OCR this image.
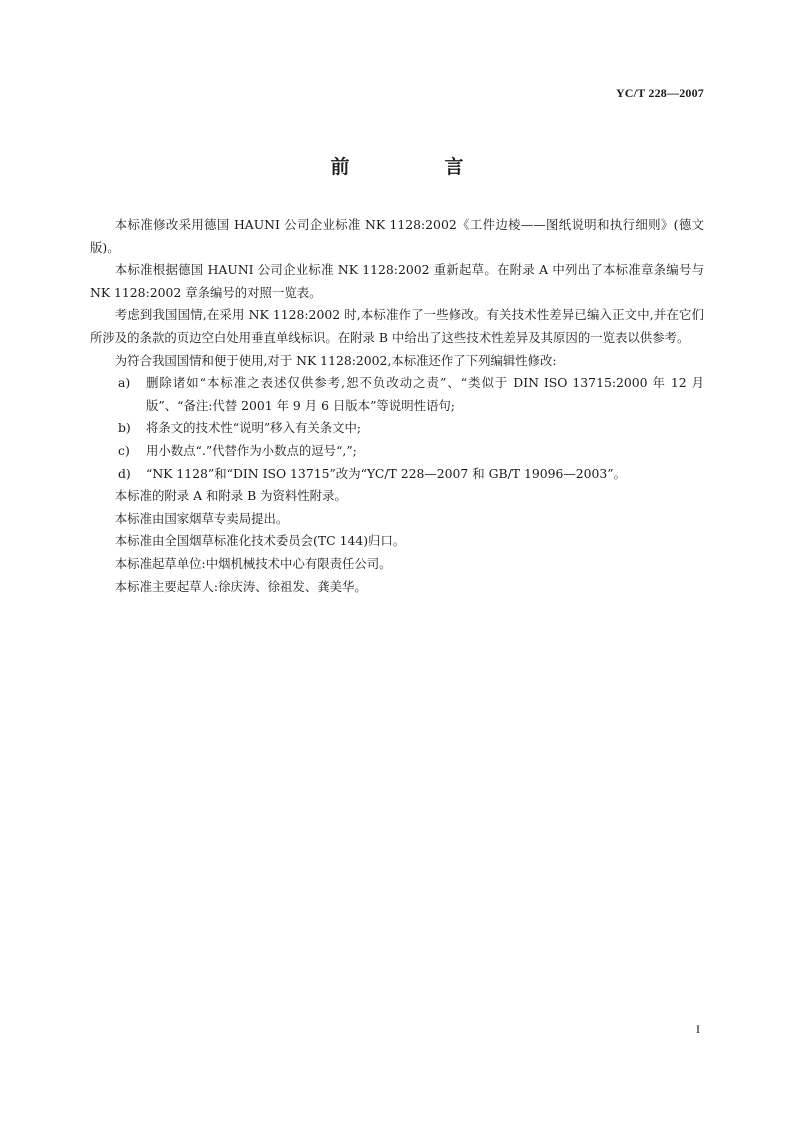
YC/T 228—2007
前　言

本标准修改采用德国 HAUNI 公司企业标准 NK 1128:2002《工件边棱——图纸说明和执行细则》(德文版)。

本标准根据德国 HAUNI 公司企业标准 NK 1128:2002 重新起草。在附录 A 中列出了本标准章条编号与 NK 1128:2002 章条编号的对照一览表。

考虑到我国国情,在采用 NK 1128:2002 时,本标准作了一些修改。有关技术性差异已编入正文中,并在它们所涉及的条款的页边空白处用垂直单线标识。在附录 B 中给出了这些技术性差异及其原因的一览表以供参考。

为符合我国国情和便于使用,对于 NK 1128:2002,本标准还作了下列编辑性修改:

a) 删除诸如“本标准之表述仅供参考,恕不负改动之责”、“类似于 DIN ISO 13715:2000 年 12 月版”、“备注:代替 2001 年 9 月 6 日版本”等说明性语句;
b) 将条文的技术性“说明”移入有关条文中;
c) 用小数点“.”代替作为小数点的逗号“,”;
d) “NK 1128”和“DIN ISO 13715”改为“YC/T 228—2007 和 GB/T 19096—2003”。

本标准的附录 A 和附录 B 为资料性附录。

本标准由国家烟草专卖局提出。

本标准由全国烟草标准化技术委员会(TC 144)归口。

本标准起草单位:中烟机械技术中心有限责任公司。

本标准主要起草人:徐庆涛、徐祖发、龚美华。

I
